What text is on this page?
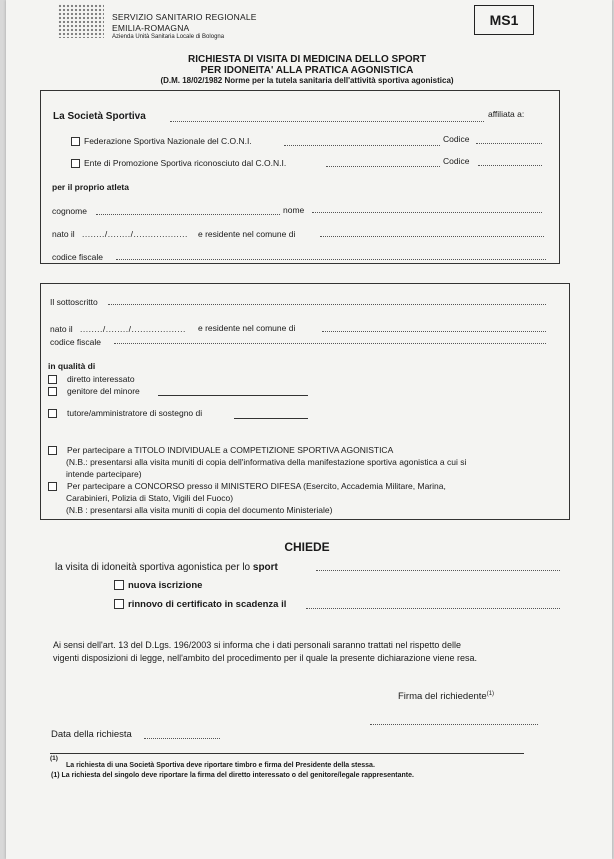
SERVIZIO SANITARIO REGIONALE
EMILIA-ROMAGNA
Azienda Unità Sanitaria Locale di Bologna
MS1
RICHIESTA DI VISITA DI MEDICINA DELLO SPORT
PER IDONEITA' ALLA PRATICA AGONISTICA
(D.M. 18/02/1982 Norme per la tutela sanitaria dell'attività sportiva agonistica)
La Società Sportiva	affiliata a:
Federazione Sportiva Nazionale del C.O.N.I.	Codice
Ente di Promozione Sportiva riconosciuto dal C.O.N.I.	Codice
per il proprio atleta
cognome	nome
nato il ......../......../................... e residente nel comune di
codice fiscale
Il sottoscritto
nato il ......../......../................... e residente nel comune di
codice fiscale
in qualità di
diretto interessato
genitore del minore
tutore/amministratore di sostegno di
Per partecipare a TITOLO INDIVIDUALE a COMPETIZIONE SPORTIVA AGONISTICA
(N.B.: presentarsi alla visita muniti di copia dell'informativa della manifestazione sportiva agonistica a cui si
intende partecipare)
Per partecipare a CONCORSO presso il MINISTERO DIFESA (Esercito, Accademia Militare, Marina,
Carabinieri, Polizia di Stato, Vigili del Fuoco)
(N.B : presentarsi alla visita muniti di copia del documento Ministeriale)
CHIEDE
la visita di idoneità sportiva agonistica per lo sport
nuova iscrizione
rinnovo di certificato in scadenza il
Ai sensi dell'art. 13 del D.Lgs. 196/2003 si informa che i dati personali saranno trattati nel rispetto delle
vigenti disposizioni di legge, nell'ambito del procedimento per il quale la presente dichiarazione viene resa.
Firma del richiedente$^{(1)}$
Data della richiesta
(1)
La richiesta di una Società Sportiva deve riportare timbro e firma del Presidente della stessa.
(1) La richiesta del singolo deve riportare la firma del diretto interessato o del genitore/legale rappresentante.
